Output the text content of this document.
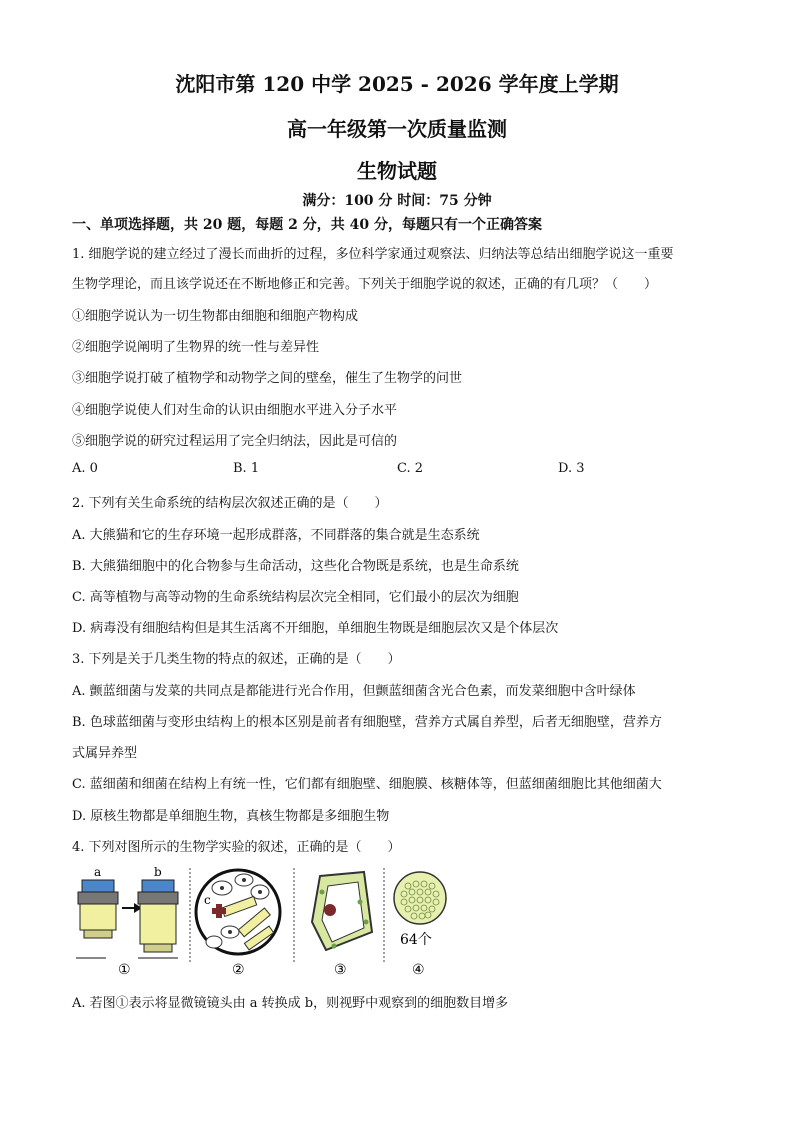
沈阳市第 120 中学 2025 - 2026 学年度上学期
高一年级第一次质量监测
生物试题
满分：100 分 时间：75 分钟
一、单项选择题，共 20 题，每题 2 分，共 40 分，每题只有一个正确答案
1. 细胞学说的建立经过了漫长而曲折的过程，多位科学家通过观察法、归纳法等总结出细胞学说这一重要
生物学理论，而且该学说还在不断地修正和完善。下列关于细胞学说的叙述，正确的有几项？（　　）
①细胞学说认为一切生物都由细胞和细胞产物构成
②细胞学说阐明了生物界的统一性与差异性
③细胞学说打破了植物学和动物学之间的壁垒，催生了生物学的问世
④细胞学说使人们对生命的认识由细胞水平进入分子水平
⑤细胞学说的研究过程运用了完全归纳法，因此是可信的
A. 0	B. 1	C. 2	D. 3
2. 下列有关生命系统的结构层次叙述正确的是（　　）
A. 大熊猫和它的生存环境一起形成群落，不同群落的集合就是生态系统
B. 大熊猫细胞中的化合物参与生命活动，这些化合物既是系统，也是生命系统
C. 高等植物与高等动物的生命系统结构层次完全相同，它们最小的层次为细胞
D. 病毒没有细胞结构但是其生活离不开细胞，单细胞生物既是细胞层次又是个体层次
3. 下列是关于几类生物的特点的叙述，正确的是（　　）
A. 颤蓝细菌与发菜的共同点是都能进行光合作用，但颤蓝细菌含光合色素，而发菜细胞中含叶绿体
B. 色球蓝细菌与变形虫结构上的根本区别是前者有细胞壁，营养方式属自养型，后者无细胞壁，营养方
式属异养型
C. 蓝细菌和细菌在结构上有统一性，它们都有细胞壁、细胞膜、核糖体等，但蓝细菌细胞比其他细菌大
D. 原核生物都是单细胞生物，真核生物都是多细胞生物
4. 下列对图所示的生物学实验的叙述，正确的是（　　）
a	b
①
c
②	③
64个
④
A. 若图①表示将显微镜镜头由 a 转换成 b，则视野中观察到的细胞数目增多
